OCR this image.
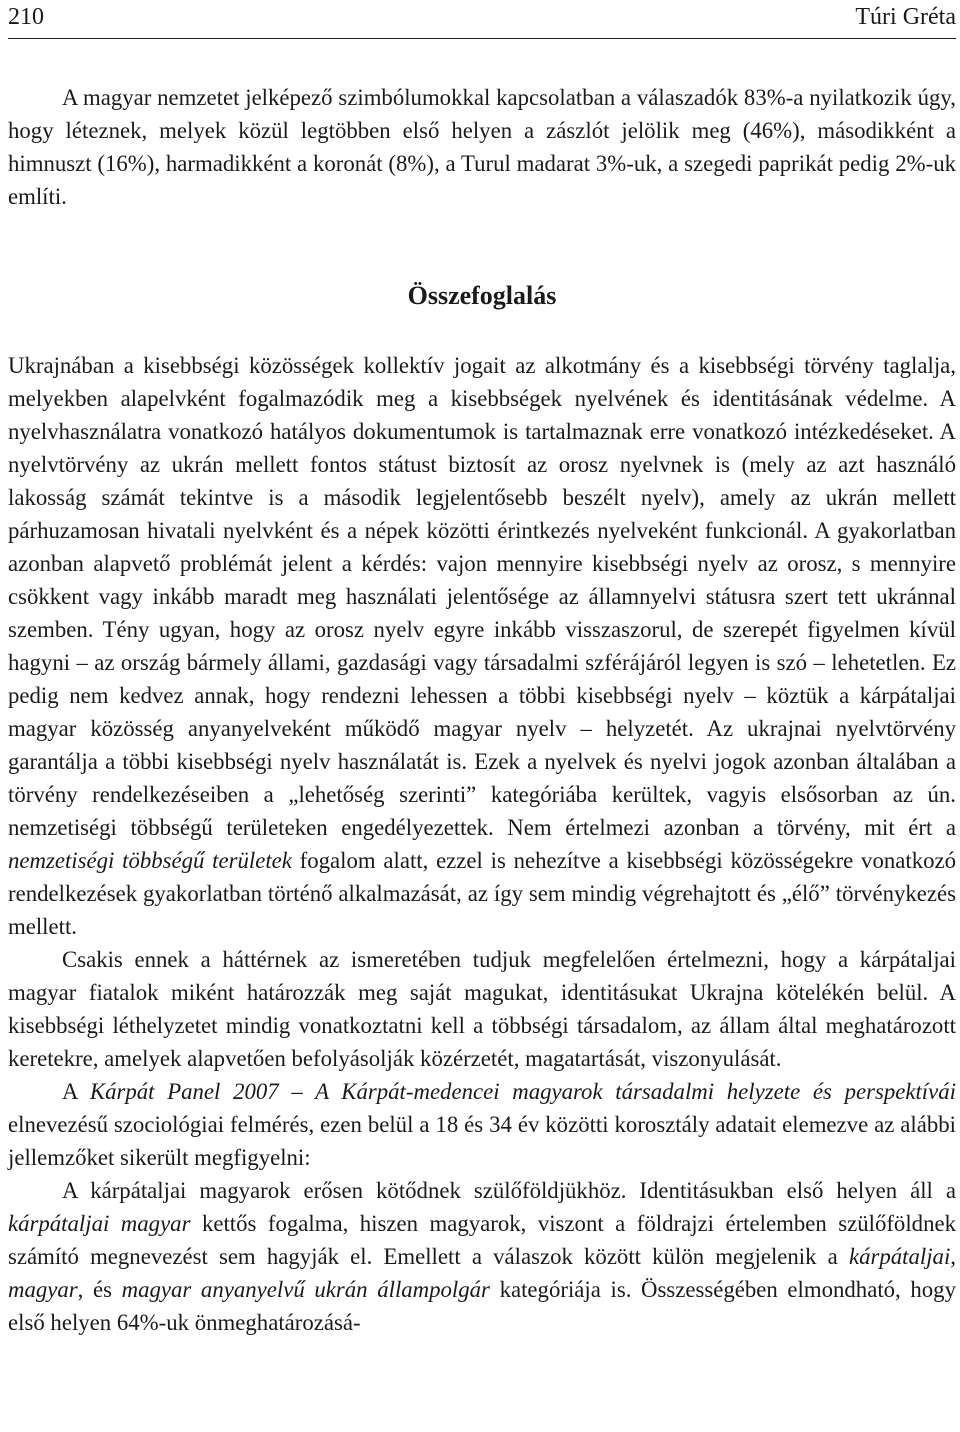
210	Túri Gréta

A magyar nemzetet jelképező szimbólumokkal kapcsolatban a válaszadók 83%-a nyilatkozik úgy, hogy léteznek, melyek közül legtöbben első helyen a zászlót jelölik meg (46%), másodikként a himnuszt (16%), harmadikként a koronát (8%), a Turul madarat 3%-uk, a szegedi paprikát pedig 2%-uk említi.

Összefoglalás

Ukrajnában a kisebbségi közösségek kollektív jogait az alkotmány és a kisebbségi törvény taglalja, melyekben alapelvként fogalmazódik meg a kisebbségek nyelvének és identitásának védelme. A nyelvhasználatra vonatkozó hatályos dokumentumok is tartalmaznak erre vonatkozó intézkedéseket. A nyelvtörvény az ukrán mellett fontos státust biztosít az orosz nyelvnek is (mely az azt használó lakosság számát tekintve is a második legjelentősebb beszélt nyelv), amely az ukrán mellett párhuzamosan hivatali nyelvként és a népek közötti érintkezés nyelveként funkcionál. A gyakorlatban azonban alapvető problémát jelent a kérdés: vajon mennyire kisebbségi nyelv az orosz, s mennyire csökkent vagy inkább maradt meg használati jelentősége az államnyelvi státusra szert tett ukránnal szemben. Tény ugyan, hogy az orosz nyelv egyre inkább visszaszorul, de szerepét figyelmen kívül hagyni – az ország bármely állami, gazdasági vagy társadalmi szférájáról legyen is szó – lehetetlen. Ez pedig nem kedvez annak, hogy rendezni lehessen a többi kisebbségi nyelv – köztük a kárpátaljai magyar közösség anyanyelveként működő magyar nyelv – helyzetét. Az ukrajnai nyelvtörvény garantálja a többi kisebbségi nyelv használatát is. Ezek a nyelvek és nyelvi jogok azonban általában a törvény rendelkezéseiben a „lehetőség szerinti” kategóriába kerültek, vagyis elsősorban az ún. nemzetiségi többségű területeken engedélyezettek. Nem értelmezi azonban a törvény, mit ért a nemzetiségi többségű területek fogalom alatt, ezzel is nehezítve a kisebbségi közösségekre vonatkozó rendelkezések gyakorlatban történő alkalmazását, az így sem mindig végrehajtott és „élő” törvénykezés mellett.

Csakis ennek a háttérnek az ismeretében tudjuk megfelelően értelmezni, hogy a kárpátaljai magyar fiatalok miként határozzák meg saját magukat, identitásukat Ukrajna kötelékén belül. A kisebbségi léthelyzetet mindig vonatkoztatni kell a többségi társadalom, az állam által meghatározott keretekre, amelyek alapvetően befolyásolják közérzetét, magatartását, viszonyulását.

A Kárpát Panel 2007 – A Kárpát-medencei magyarok társadalmi helyzete és perspektívái elnevezésű szociológiai felmérés, ezen belül a 18 és 34 év közötti korosztály adatait elemezve az alábbi jellemzőket sikerült megfigyelni:

A kárpátaljai magyarok erősen kötődnek szülőföldjükhöz. Identitásukban első helyen áll a kárpátaljai magyar kettős fogalma, hiszen magyarok, viszont a földrajzi értelemben szülőföldnek számító megnevezést sem hagyják el. Emellett a válaszok között külön megjelenik a kárpátaljai, magyar, és magyar anyanyelvű ukrán állampolgár kategóriája is. Összességében elmondható, hogy első helyen 64%-uk önmeghatározásá-
